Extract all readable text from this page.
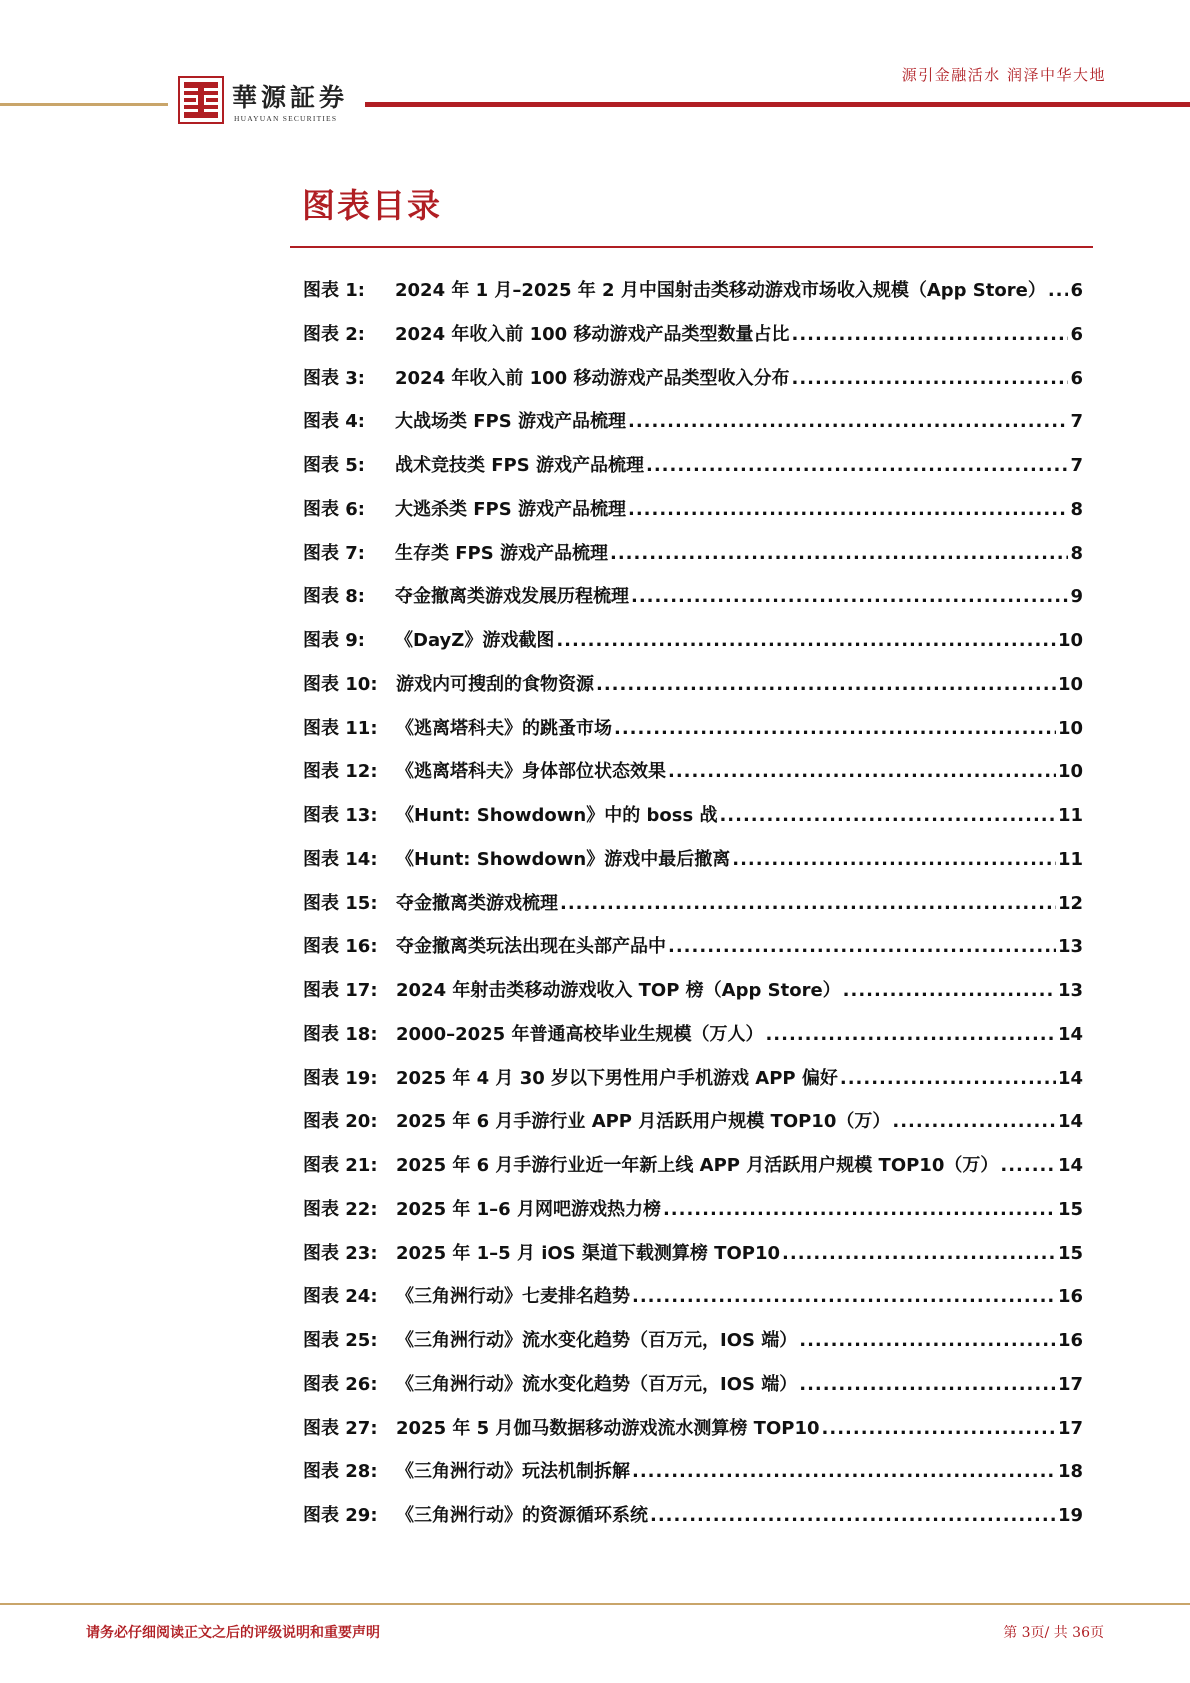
華源証券
HUAYUAN SECURITIES
源引金融活水 润泽中华大地
图表目录
图表 1:	2024 年 1 月–2025 年 2 月中国射击类移动游戏市场收入规模（App Store） ..... 6
图表 2:	2024 年收入前 100 移动游戏产品类型数量占比 .....	6
图表 3:	2024 年收入前 100 移动游戏产品类型收入分布 .....	6
图表 4:	大战场类 FPS 游戏产品梳理 .....	7
图表 5:	战术竞技类 FPS 游戏产品梳理 .....	7
图表 6:	大逃杀类 FPS 游戏产品梳理 .....	8
图表 7:	生存类 FPS 游戏产品梳理 .....	8
图表 8:	夺金撤离类游戏发展历程梳理 .....	9
图表 9:	《DayZ》游戏截图 .....	10
图表 10:	游戏内可搜刮的食物资源 .....	10
图表 11:	《逃离塔科夫》的跳蚤市场 .....	10
图表 12:	《逃离塔科夫》身体部位状态效果 .....	10
图表 13:	《Hunt: Showdown》中的 boss 战 .....	11
图表 14:	《Hunt: Showdown》游戏中最后撤离 .....	11
图表 15:	夺金撤离类游戏梳理 .....	12
图表 16:	夺金撤离类玩法出现在头部产品中 .....	13
图表 17:	2024 年射击类移动游戏收入 TOP 榜（App Store） .....	13
图表 18:	2000–2025 年普通高校毕业生规模（万人） .....	14
图表 19:	2025 年 4 月 30 岁以下男性用户手机游戏 APP 偏好 .....	14
图表 20:	2025 年 6 月手游行业 APP 月活跃用户规模 TOP10（万） .....	14
图表 21:	2025 年 6 月手游行业近一年新上线 APP 月活跃用户规模 TOP10（万） .....	14
图表 22:	2025 年 1–6 月网吧游戏热力榜 .....	15
图表 23:	2025 年 1–5 月 iOS 渠道下载测算榜 TOP10 .....	15
图表 24:	《三角洲行动》七麦排名趋势 .....	16
图表 25:	《三角洲行动》流水变化趋势（百万元，IOS 端） .....	16
图表 26:	《三角洲行动》流水变化趋势（百万元，IOS 端） .....	17
图表 27:	2025 年 5 月伽马数据移动游戏流水测算榜 TOP10 .....	17
图表 28:	《三角洲行动》玩法机制拆解 .....	18
图表 29:	《三角洲行动》的资源循环系统 .....	19
请务必仔细阅读正文之后的评级说明和重要声明	第 3页/ 共 36页
